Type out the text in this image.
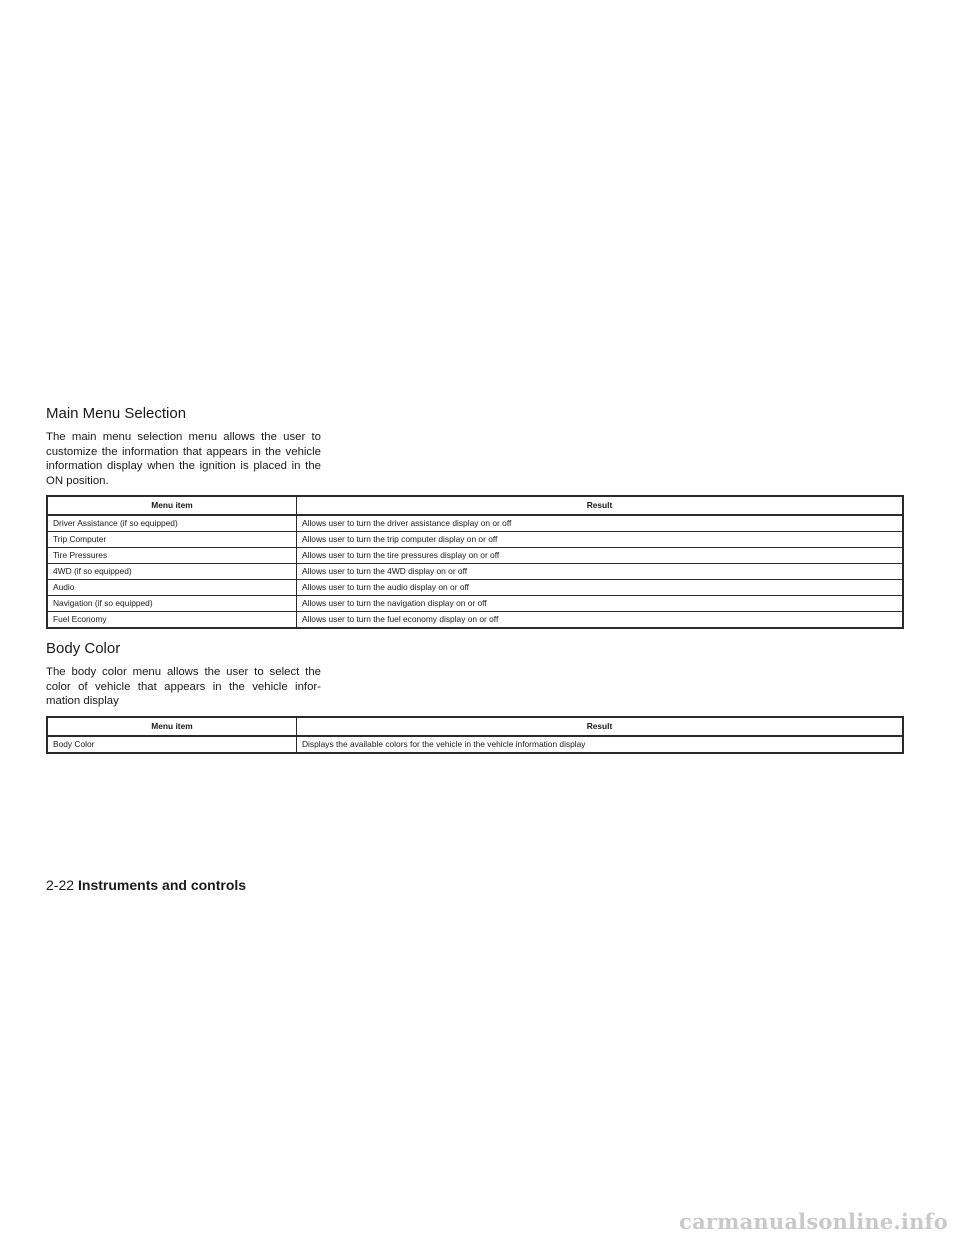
Main Menu Selection

The main menu selection menu allows the user to customize the information that appears in the vehicle information display when the ignition is placed in the ON position.

Menu item	Result
Driver Assistance (if so equipped)	Allows user to turn the driver assistance display on or off
Trip Computer	Allows user to turn the trip computer display on or off
Tire Pressures	Allows user to turn the tire pressures display on or off
4WD (if so equipped)	Allows user to turn the 4WD display on or off
Audio	Allows user to turn the audio display on or off
Navigation (if so equipped)	Allows user to turn the navigation display on or off
Fuel Economy	Allows user to turn the fuel economy display on or off
Body Color

The body color menu allows the user to select the color of vehicle that appears in the vehicle infor-mation display

Menu item	Result
Body Color	Displays the available colors for the vehicle in the vehicle information display
2-22 Instruments and controls
carmanualsonline.info
